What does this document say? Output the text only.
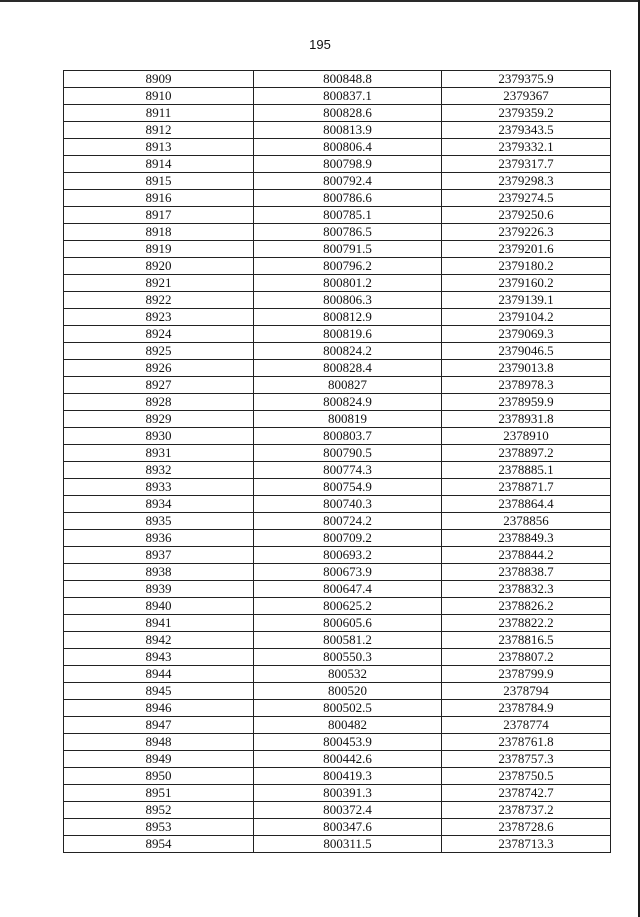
195
8909	800848.8	2379375.9
8910	800837.1	2379367
8911	800828.6	2379359.2
8912	800813.9	2379343.5
8913	800806.4	2379332.1
8914	800798.9	2379317.7
8915	800792.4	2379298.3
8916	800786.6	2379274.5
8917	800785.1	2379250.6
8918	800786.5	2379226.3
8919	800791.5	2379201.6
8920	800796.2	2379180.2
8921	800801.2	2379160.2
8922	800806.3	2379139.1
8923	800812.9	2379104.2
8924	800819.6	2379069.3
8925	800824.2	2379046.5
8926	800828.4	2379013.8
8927	800827	2378978.3
8928	800824.9	2378959.9
8929	800819	2378931.8
8930	800803.7	2378910
8931	800790.5	2378897.2
8932	800774.3	2378885.1
8933	800754.9	2378871.7
8934	800740.3	2378864.4
8935	800724.2	2378856
8936	800709.2	2378849.3
8937	800693.2	2378844.2
8938	800673.9	2378838.7
8939	800647.4	2378832.3
8940	800625.2	2378826.2
8941	800605.6	2378822.2
8942	800581.2	2378816.5
8943	800550.3	2378807.2
8944	800532	2378799.9
8945	800520	2378794
8946	800502.5	2378784.9
8947	800482	2378774
8948	800453.9	2378761.8
8949	800442.6	2378757.3
8950	800419.3	2378750.5
8951	800391.3	2378742.7
8952	800372.4	2378737.2
8953	800347.6	2378728.6
8954	800311.5	2378713.3
